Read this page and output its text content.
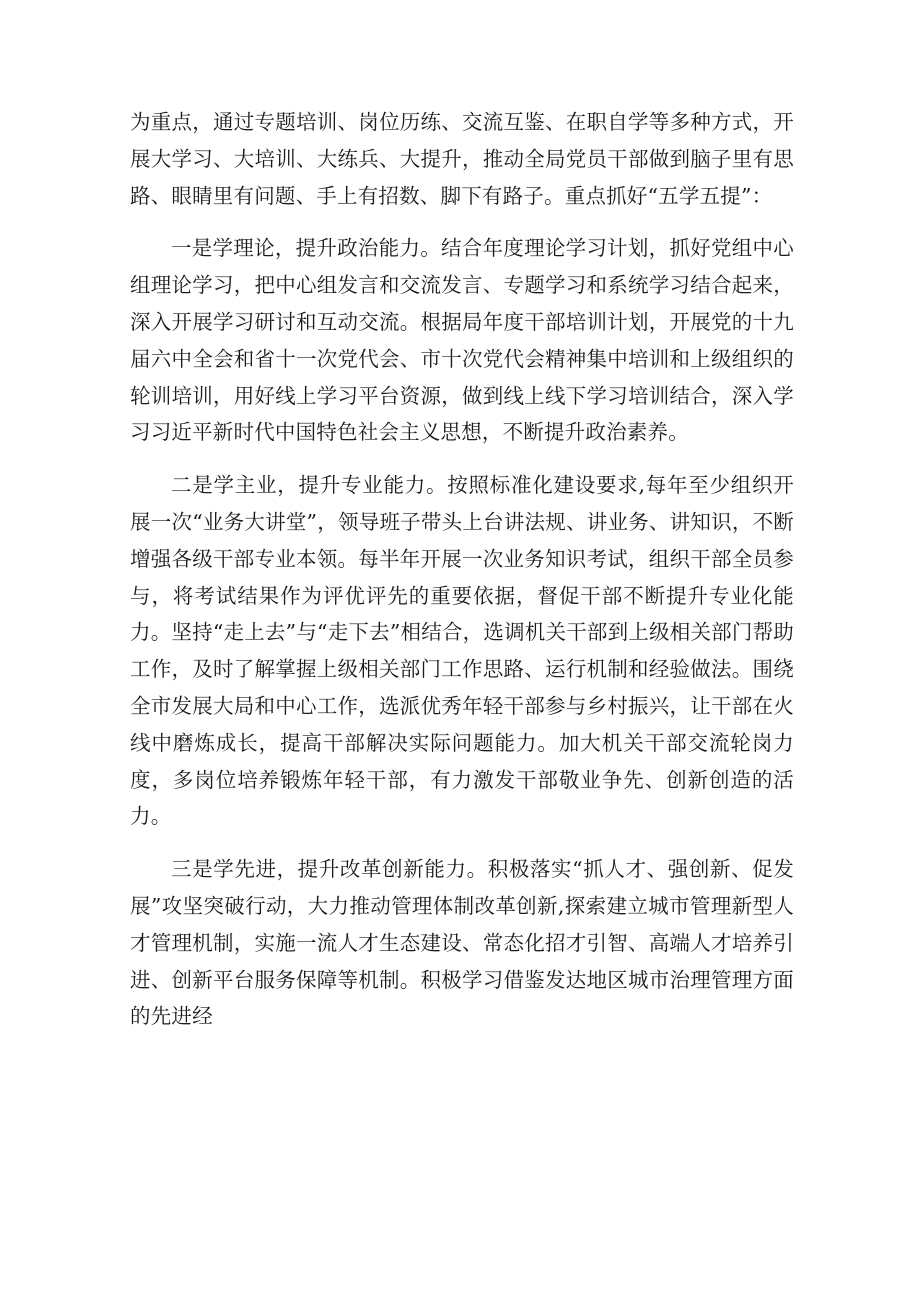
为重点，通过专题培训、岗位历练、交流互鉴、在职自学等多种方式，开展大学习、大培训、大练兵、大提升，推动全局党员干部做到脑子里有思路、眼睛里有问题、手上有招数、脚下有路子。重点抓好“五学五提”：

一是学理论，提升政治能力。结合年度理论学习计划，抓好党组中心组理论学习，把中心组发言和交流发言、专题学习和系统学习结合起来，深入开展学习研讨和互动交流。根据局年度干部培训计划，开展党的十九届六中全会和省十一次党代会、市十次党代会精神集中培训和上级组织的轮训培训，用好线上学习平台资源，做到线上线下学习培训结合，深入学习习近平新时代中国特色社会主义思想，不断提升政治素养。

二是学主业，提升专业能力。按照标准化建设要求,每年至少组织开展一次“业务大讲堂”，领导班子带头上台讲法规、讲业务、讲知识，不断增强各级干部专业本领。每半年开展一次业务知识考试，组织干部全员参与，将考试结果作为评优评先的重要依据，督促干部不断提升专业化能力。坚持“走上去”与“走下去”相结合，选调机关干部到上级相关部门帮助工作，及时了解掌握上级相关部门工作思路、运行机制和经验做法。围绕全市发展大局和中心工作，选派优秀年轻干部参与乡村振兴，让干部在火线中磨炼成长，提高干部解决实际问题能力。加大机关干部交流轮岗力度，多岗位培养锻炼年轻干部，有力激发干部敬业争先、创新创造的活力。

三是学先进，提升改革创新能力。积极落实“抓人才、强创新、促发展”攻坚突破行动，大力推动管理体制改革创新,探索建立城市管理新型人才管理机制，实施一流人才生态建设、常态化招才引智、高端人才培养引进、创新平台服务保障等机制。积极学习借鉴发达地区城市治理管理方面的先进经
